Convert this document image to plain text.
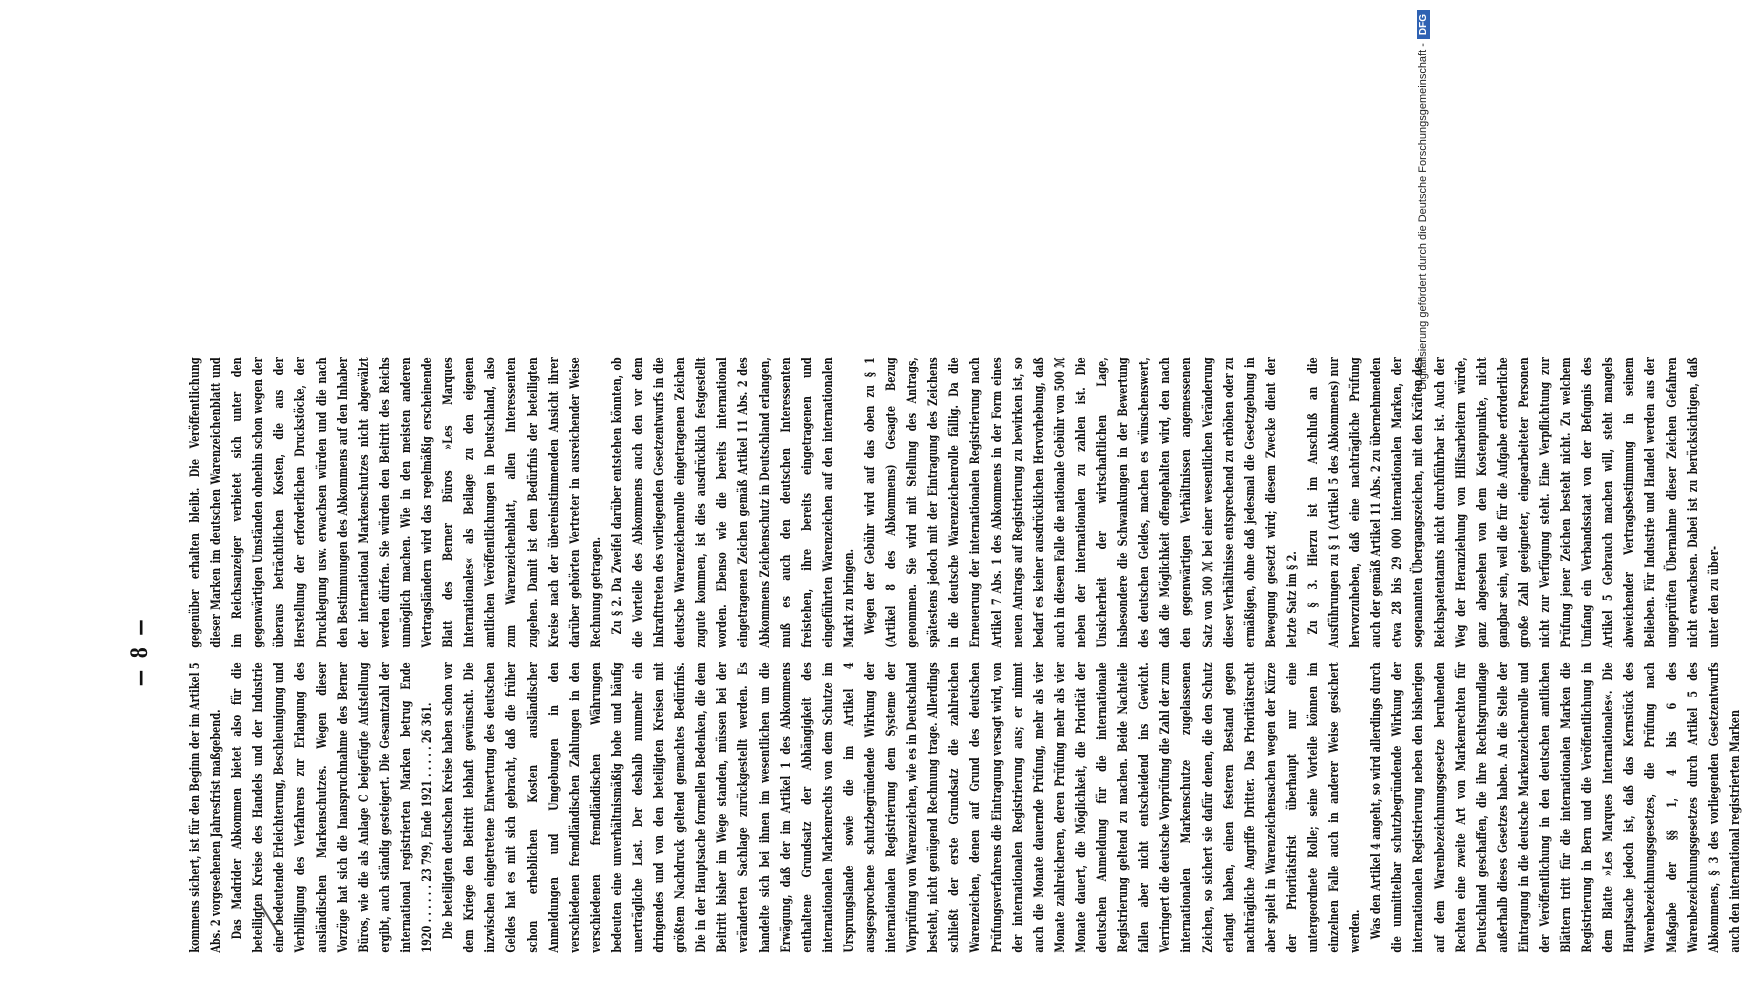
— 8 —

kommens sichert, ist für den Beginn der im Artikel 5 Abs. 2 vorgesehenen Jahresfrist maßgebend. Das Madrider Abkommen bietet also für die beteiligten Kreise des Handels und der Industrie eine bedeutende Erleichterung, Beschleunigung und Verbilligung des Verfahrens zur Erlangung des ausländischen Markenschutzes. Wegen dieser Vorzüge hat sich die Inanspruchnahme des Berner Büros, wie die als Anlage C beigefügte Aufstellung ergibt, auch ständig gesteigert. Die Gesamtzahl der international registrierten Marken betrug Ende 1920 . . . . . . 23 799, Ende 1921 . . . . . 26 361. Die beteiligten deutschen Kreise haben schon vor dem Kriege den Beitritt lebhaft gewünscht. Die inzwischen eingetretene Entwertung des deutschen Geldes hat es mit sich gebracht, daß die früher schon erheblichen Kosten ausländischer Anmeldungen und Umgebungen in den verschiedenen fremdländischen Zahlungen in den verschiedenen fremdländischen Währungen bedeuten eine unverhältnismäßig hohe und häufig unerträgliche Last. Der deshalb nunmehr ein dringendes und von den beteiligten Kreisen mit größtem Nachdruck geltend gemachtes Bedürfnis. Die in der Hauptsache formellen Bedenken, die dem Beitritt bisher im Wege standen, müssen bei der veränderten Sachlage zurückgestellt werden. Es handelte sich bei ihnen im wesentlichen um die Erwägung, daß der im Artikel 1 des Abkommens enthaltene Grundsatz der Abhängigkeit des internationalen Markenrechts von dem Schutze im Ursprungslande sowie die im Artikel 4 ausgesprochene schutzbegründende Wirkung der internationalen Registrierung dem Systeme der Vorprüfung von Warenzeichen, wie es in Deutschland besteht, nicht genügend Rechnung trage. Allerdings schließt der erste Grundsatz die zahlreichen Warenzeichen, denen auf Grund des deutschen Prüfungsverfahrens die Eintragung versagt wird, von der internationalen Registrierung aus; er nimmt auch die Monate dauernde Prüfung, mehr als vier Monate zahlreicheren, deren Prüfung mehr als vier Monate dauert, die Möglichkeit, die Priorität der deutschen Anmeldung für die internationale Registrierung geltend zu machen. Beide Nachteile fallen aber nicht entscheidend ins Gewicht. Verringert die deutsche Vorprüfung die Zahl der zum internationalen Markenschutze zugelassenen Zeichen, so sichert sie dafür denen, die den Schutz erlangt haben, einen festeren Bestand gegen nachträgliche Angriffe Dritter. Das Prioritätsrecht aber spielt in Warenzeichensachen wegen der Kürze der Prioritätsfrist überhaupt nur eine untergeordnete Rolle; seine Vorteile können im einzelnen Falle auch in anderer Weise gesichert werden. Was den Artikel 4 angeht, so wird allerdings durch die unmittelbar schutzbegründende Wirkung der internationalen Registrierung neben den bisherigen auf dem Warenbezeichnungsgesetze beruhenden Rechten eine zweite Art von Markenrechten für Deutschland geschaffen, die ihre Rechtsgrundlage außerhalb dieses Gesetzes haben. An die Stelle der Eintragung in die deutsche Markenzeichenrolle und der Veröffentlichung in den deutschen amtlichen Blättern tritt für die internationalen Marken die Registrierung in Bern und die Veröffentlichung in dem Blatte »Les Marques Internationales«. Die Hauptsache jedoch ist, daß das Kernstück des Warenbezeichnungsgesetzes, die Prüfung nach Maßgabe der §§ 1, 4 bis 6 des Warenbezeichnungsgesetzes durch Artikel 5 des Abkommens, § 3 des vorliegenden Gesetzentwurfs auch den international registrierten Marken

gegenüber erhalten bleibt. Die Veröffentlichung dieser Marken im deutschen Warenzeichenblatt und im Reichsanzeiger verbietet sich unter den gegenwärtigen Umständen ohnehin schon wegen der überaus beträchtlichen Kosten, die aus der Herstellung der erforderlichen Druckstöcke, der Drucklegung usw. erwachsen würden und die nach den Bestimmungen des Abkommens auf den Inhaber der international Markenschutzes nicht abgewälzt werden dürfen. Sie würden den Beitritt des Reichs unmöglich machen. Wie in den meisten anderen Vertragsländern wird das regelmäßig erscheinende Blatt des Berner Büros »Les Marques Internationales« als Beilage zu den eigenen amtlichen Veröffentlichungen in Deutschland, also zum Warenzeichenblatt, allen Interessenten zugehen. Damit ist dem Bedürfnis der beteiligten Kreise nach der übereinstimmenden Ansicht ihrer darüber gehörten Vertreter in ausreichender Weise Rechnung getragen. Zu § 2. Da Zweifel darüber entstehen könnten, ob die Vorteile des Abkommens auch den vor dem Inkrafttreten des vorliegenden Gesetzentwurfs in die deutsche Warenzeichenrolle eingetragenen Zeichen zugute kommen, ist dies ausdrücklich festgestellt worden. Ebenso wie die bereits international eingetragenen Zeichen gemäß Artikel 11 Abs. 2 des Abkommens Zeichenschutz in Deutschland erlangen, muß es auch den deutschen Interessenten freistehen, ihre bereits eingetragenen und eingeführten Warenzeichen auf den internationalen Markt zu bringen. Wegen der Gebühr wird auf das oben zu § 1 (Artikel 8 des Abkommens) Gesagte Bezug genommen. Sie wird mit Stellung des Antrags, spätestens jedoch mit der Eintragung des Zeichens in die deutsche Warenzeichenrolle fällig. Da die Erneuerung der internationalen Registrierung nach Artikel 7 Abs. 1 des Abkommens in der Form eines neuen Antrags auf Registrierung zu bewirken ist, so bedarf es keiner ausdrücklichen Hervorhebung, daß auch in diesem Falle die nationale Gebühr von 500 ℳ neben der internationalen zu zahlen ist. Die Unsicherheit der wirtschaftlichen Lage, insbesondere die Schwankungen in der Bewertung des deutschen Geldes, machen es wünschenswert, daß die Möglichkeit offengehalten wird, den nach den gegenwärtigen Verhältnissen angemessenen Satz von 500 ℳ bei einer wesentlichen Veränderung dieser Verhältnisse entsprechend zu erhöhen oder zu ermäßigen, ohne daß jedesmal die Gesetzgebung in Bewegung gesetzt wird; diesem Zwecke dient der letzte Satz im § 2. Zu § 3. Hierzu ist im Anschluß an die Ausführungen zu § 1 (Artikel 5 des Abkommens) nur hervorzuheben, daß eine nachträgliche Prüfung auch der gemäß Artikel 11 Abs. 2 zu übernehmenden etwa 28 bis 29 000 internationalen Marken, der sogenannten Übergangszeichen, mit den Kräften des Reichspatentamts nicht durchführbar ist. Auch der Weg der Heranziehung von Hilfsarbeitern würde, ganz abgesehen von dem Kostenpunkte, nicht gangbar sein, weil die für die Aufgabe erforderliche große Zahl geeigneter, eingearbeiteter Personen nicht zur Verfügung steht. Eine Verpflichtung zur Prüfung jener Zeichen besteht nicht. Zu welchem Umfang ein Verbandsstaat von der Befugnis des Artikel 5 Gebrauch machen will, steht mangels abweichender Vertragsbestimmung in seinem Belieben. Für Industrie und Handel werden aus der ungeprüften Übernahme dieser Zeichen Gefahren nicht erwachsen. Dabei ist zu berücksichtigen, daß unter den zu über-

Digitalisierung gefördert durch die Deutsche Forschungsgemeinschaft -
DFG
